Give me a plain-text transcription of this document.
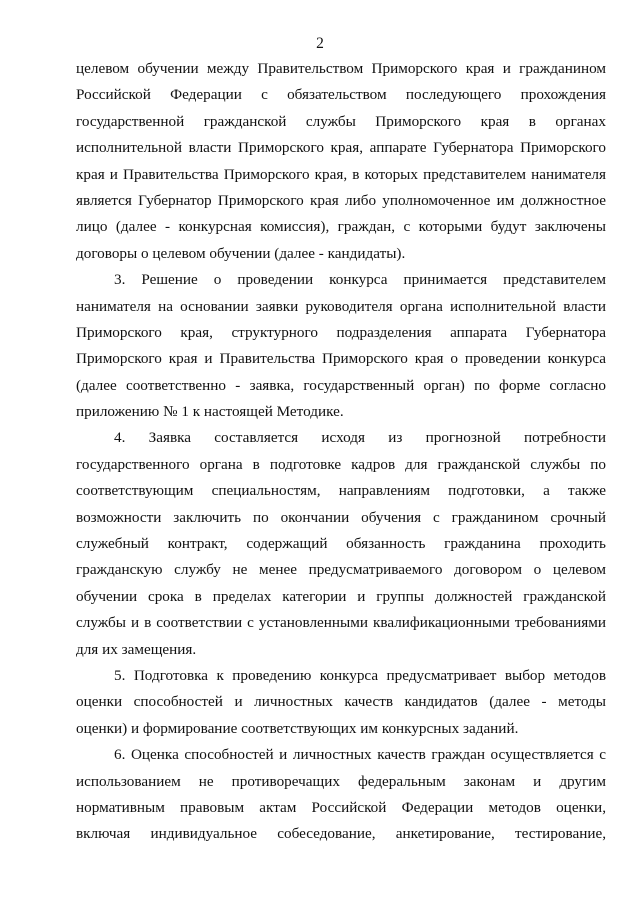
2
целевом обучении между Правительством Приморского края и гражданином
Российской Федерации с обязательством последующего прохождения
государственной гражданской службы Приморского края в органах
исполнительной власти Приморского края, аппарате Губернатора Приморского
края и Правительства Приморского края, в которых представителем нанимателя
является Губернатор Приморского края либо уполномоченное им должностное
лицо (далее - конкурсная комиссия), граждан, с которыми будут заключены
договоры о целевом обучении (далее - кандидаты).
3. Решение о проведении конкурса принимается представителем
нанимателя на основании заявки руководителя органа исполнительной власти
Приморского края, структурного подразделения аппарата Губернатора
Приморского края и Правительства Приморского края о проведении конкурса
(далее соответственно - заявка, государственный орган) по форме согласно
приложению № 1 к настоящей Методике.
4. Заявка составляется исходя из прогнозной потребности
государственного органа в подготовке кадров для гражданской службы по
соответствующим специальностям, направлениям подготовки, а также
возможности заключить по окончании обучения с гражданином срочный
служебный контракт, содержащий обязанность гражданина проходить
гражданскую службу не менее предусматриваемого договором о целевом
обучении срока в пределах категории и группы должностей гражданской
службы и в соответствии с установленными квалификационными требованиями
для их замещения.
5. Подготовка к проведению конкурса предусматривает выбор методов
оценки способностей и личностных качеств кандидатов (далее - методы
оценки) и формирование соответствующих им конкурсных заданий.
6. Оценка способностей и личностных качеств граждан осуществляется с
использованием не противоречащих федеральным законам и другим
нормативным правовым актам Российской Федерации методов оценки,
включая индивидуальное собеседование, анкетирование, тестирование,
